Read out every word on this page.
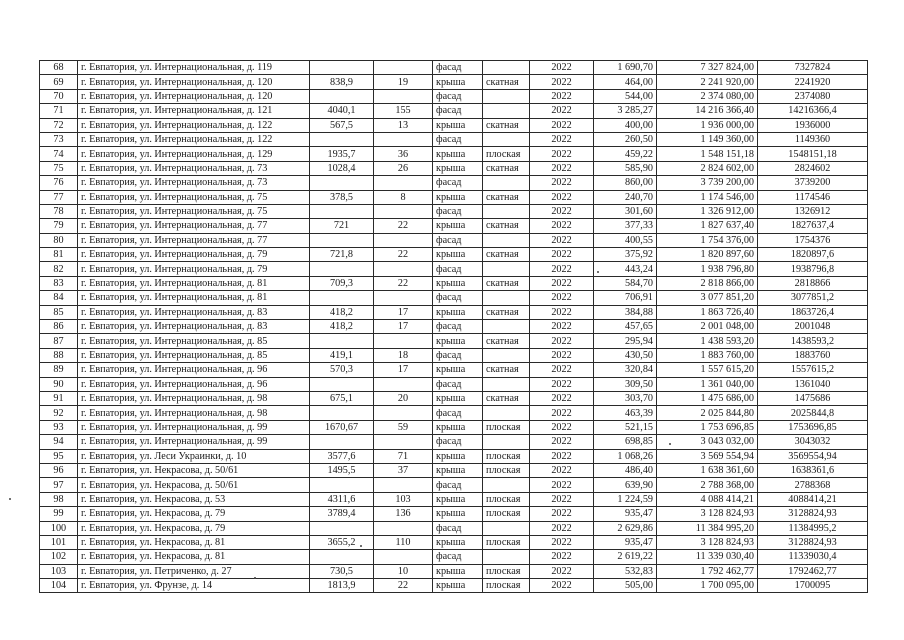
68	г. Евпатория, ул. Интернациональная, д. 119			фасад		2022	1 690,70	7 327 824,00	7327824
69	г. Евпатория, ул. Интернациональная, д. 120	838,9	19	крыша	скатная	2022	464,00	2 241 920,00	2241920
70	г. Евпатория, ул. Интернациональная, д. 120			фасад		2022	544,00	2 374 080,00	2374080
71	г. Евпатория, ул. Интернациональная, д. 121	4040,1	155	фасад		2022	3 285,27	14 216 366,40	14216366,4
72	г. Евпатория, ул. Интернациональная, д. 122	567,5	13	крыша	скатная	2022	400,00	1 936 000,00	1936000
73	г. Евпатория, ул. Интернациональная, д. 122			фасад		2022	260,50	1 149 360,00	1149360
74	г. Евпатория, ул. Интернациональная, д. 129	1935,7	36	крыша	плоская	2022	459,22	1 548 151,18	1548151,18
75	г. Евпатория, ул. Интернациональная, д. 73	1028,4	26	крыша	скатная	2022	585,90	2 824 602,00	2824602
76	г. Евпатория, ул. Интернациональная, д. 73			фасад		2022	860,00	3 739 200,00	3739200
77	г. Евпатория, ул. Интернациональная, д. 75	378,5	8	крыша	скатная	2022	240,70	1 174 546,00	1174546
78	г. Евпатория, ул. Интернациональная, д. 75			фасад		2022	301,60	1 326 912,00	1326912
79	г. Евпатория, ул. Интернациональная, д. 77	721	22	крыша	скатная	2022	377,33	1 827 637,40	1827637,4
80	г. Евпатория, ул. Интернациональная, д. 77			фасад		2022	400,55	1 754 376,00	1754376
81	г. Евпатория, ул. Интернациональная, д. 79	721,8	22	крыша	скатная	2022	375,92	1 820 897,60	1820897,6
82	г. Евпатория, ул. Интернациональная, д. 79			фасад		2022	443,24	1 938 796,80	1938796,8
83	г. Евпатория, ул. Интернациональная, д. 81	709,3	22	крыша	скатная	2022	584,70	2 818 866,00	2818866
84	г. Евпатория, ул. Интернациональная, д. 81			фасад		2022	706,91	3 077 851,20	3077851,2
85	г. Евпатория, ул. Интернациональная, д. 83	418,2	17	крыша	скатная	2022	384,88	1 863 726,40	1863726,4
86	г. Евпатория, ул. Интернациональная, д. 83	418,2	17	фасад		2022	457,65	2 001 048,00	2001048
87	г. Евпатория, ул. Интернациональная, д. 85			крыша	скатная	2022	295,94	1 438 593,20	1438593,2
88	г. Евпатория, ул. Интернациональная, д. 85	419,1	18	фасад		2022	430,50	1 883 760,00	1883760
89	г. Евпатория, ул. Интернациональная, д. 96	570,3	17	крыша	скатная	2022	320,84	1 557 615,20	1557615,2
90	г. Евпатория, ул. Интернациональная, д. 96			фасад		2022	309,50	1 361 040,00	1361040
91	г. Евпатория, ул. Интернациональная, д. 98	675,1	20	крыша	скатная	2022	303,70	1 475 686,00	1475686
92	г. Евпатория, ул. Интернациональная, д. 98			фасад		2022	463,39	2 025 844,80	2025844,8
93	г. Евпатория, ул. Интернациональная, д. 99	1670,67	59	крыша	плоская	2022	521,15	1 753 696,85	1753696,85
94	г. Евпатория, ул. Интернациональная, д. 99			фасад		2022	698,85	3 043 032,00	3043032
95	г. Евпатория, ул. Леси Украинки, д. 10	3577,6	71	крыша	плоская	2022	1 068,26	3 569 554,94	3569554,94
96	г. Евпатория, ул. Некрасова, д. 50/61	1495,5	37	крыша	плоская	2022	486,40	1 638 361,60	1638361,6
97	г. Евпатория, ул. Некрасова, д. 50/61			фасад		2022	639,90	2 788 368,00	2788368
98	г. Евпатория, ул. Некрасова, д. 53	4311,6	103	крыша	плоская	2022	1 224,59	4 088 414,21	4088414,21
99	г. Евпатория, ул. Некрасова, д. 79	3789,4	136	крыша	плоская	2022	935,47	3 128 824,93	3128824,93
100	г. Евпатория, ул. Некрасова, д. 79			фасад		2022	2 629,86	11 384 995,20	11384995,2
101	г. Евпатория, ул. Некрасова, д. 81	3655,2	110	крыша	плоская	2022	935,47	3 128 824,93	3128824,93
102	г. Евпатория, ул. Некрасова, д. 81			фасад		2022	2 619,22	11 339 030,40	11339030,4
103	г. Евпатория, ул. Петриченко, д. 27	730,5	10	крыша	плоская	2022	532,83	1 792 462,77	1792462,77
104	г. Евпатория, ул. Фрунзе, д. 14	1813,9	22	крыша	плоская	2022	505,00	1 700 095,00	1700095
